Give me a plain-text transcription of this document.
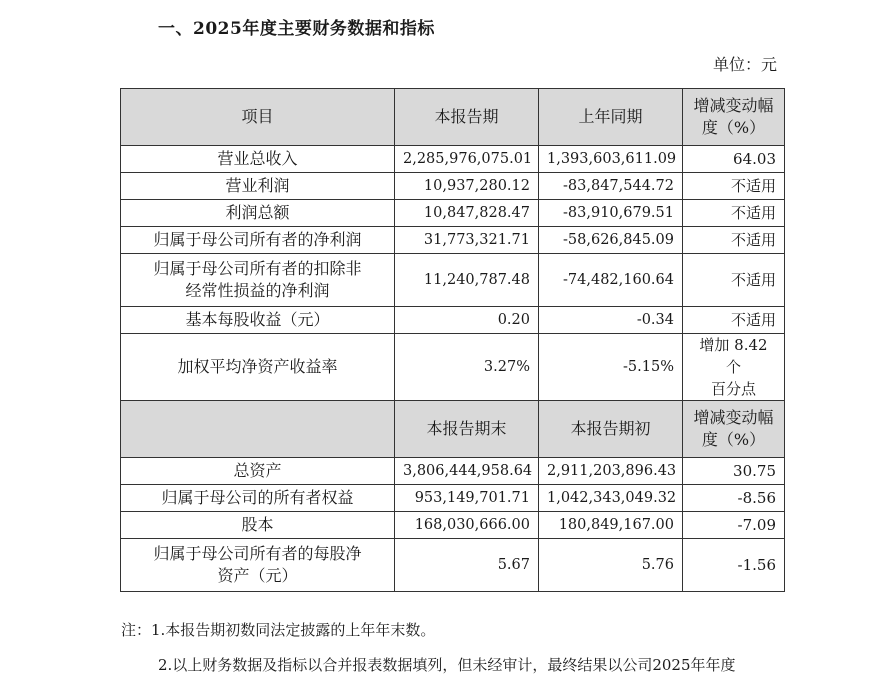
一、2025年度主要财务数据和指标
单位：元
项目	本报告期	上年同期	增减变动幅
度（%）

营业总收入	2,285,976,075.01	1,393,603,611.09	64.03
营业利润	10,937,280.12	-83,847,544.72	不适用
利润总额	10,847,828.47	-83,910,679.51	不适用
归属于母公司所有者的净利润	31,773,321.71	-58,626,845.09	不适用

归属于母公司所有者的扣除非
经常性损益的净利润	11,240,787.48	-74,482,160.64	不适用
基本每股收益（元）	0.20	-0.34	不适用
加权平均净资产收益率	3.27%	-5.15%	增加 8.42 个
百分点

	本报告期末	本报告期初	增减变动幅
度（%）

总资产	3,806,444,958.64	2,911,203,896.43	30.75
归属于母公司的所有者权益	953,149,701.71	1,042,343,049.32	-8.56
股本	168,030,666.00	180,849,167.00	-7.09

归属于母公司所有者的每股净
资产（元）	5.67	5.76	-1.56
注：1.本报告期初数同法定披露的上年年末数。
2.以上财务数据及指标以合并报表数据填列，但未经审计，最终结果以公司2025年年度
